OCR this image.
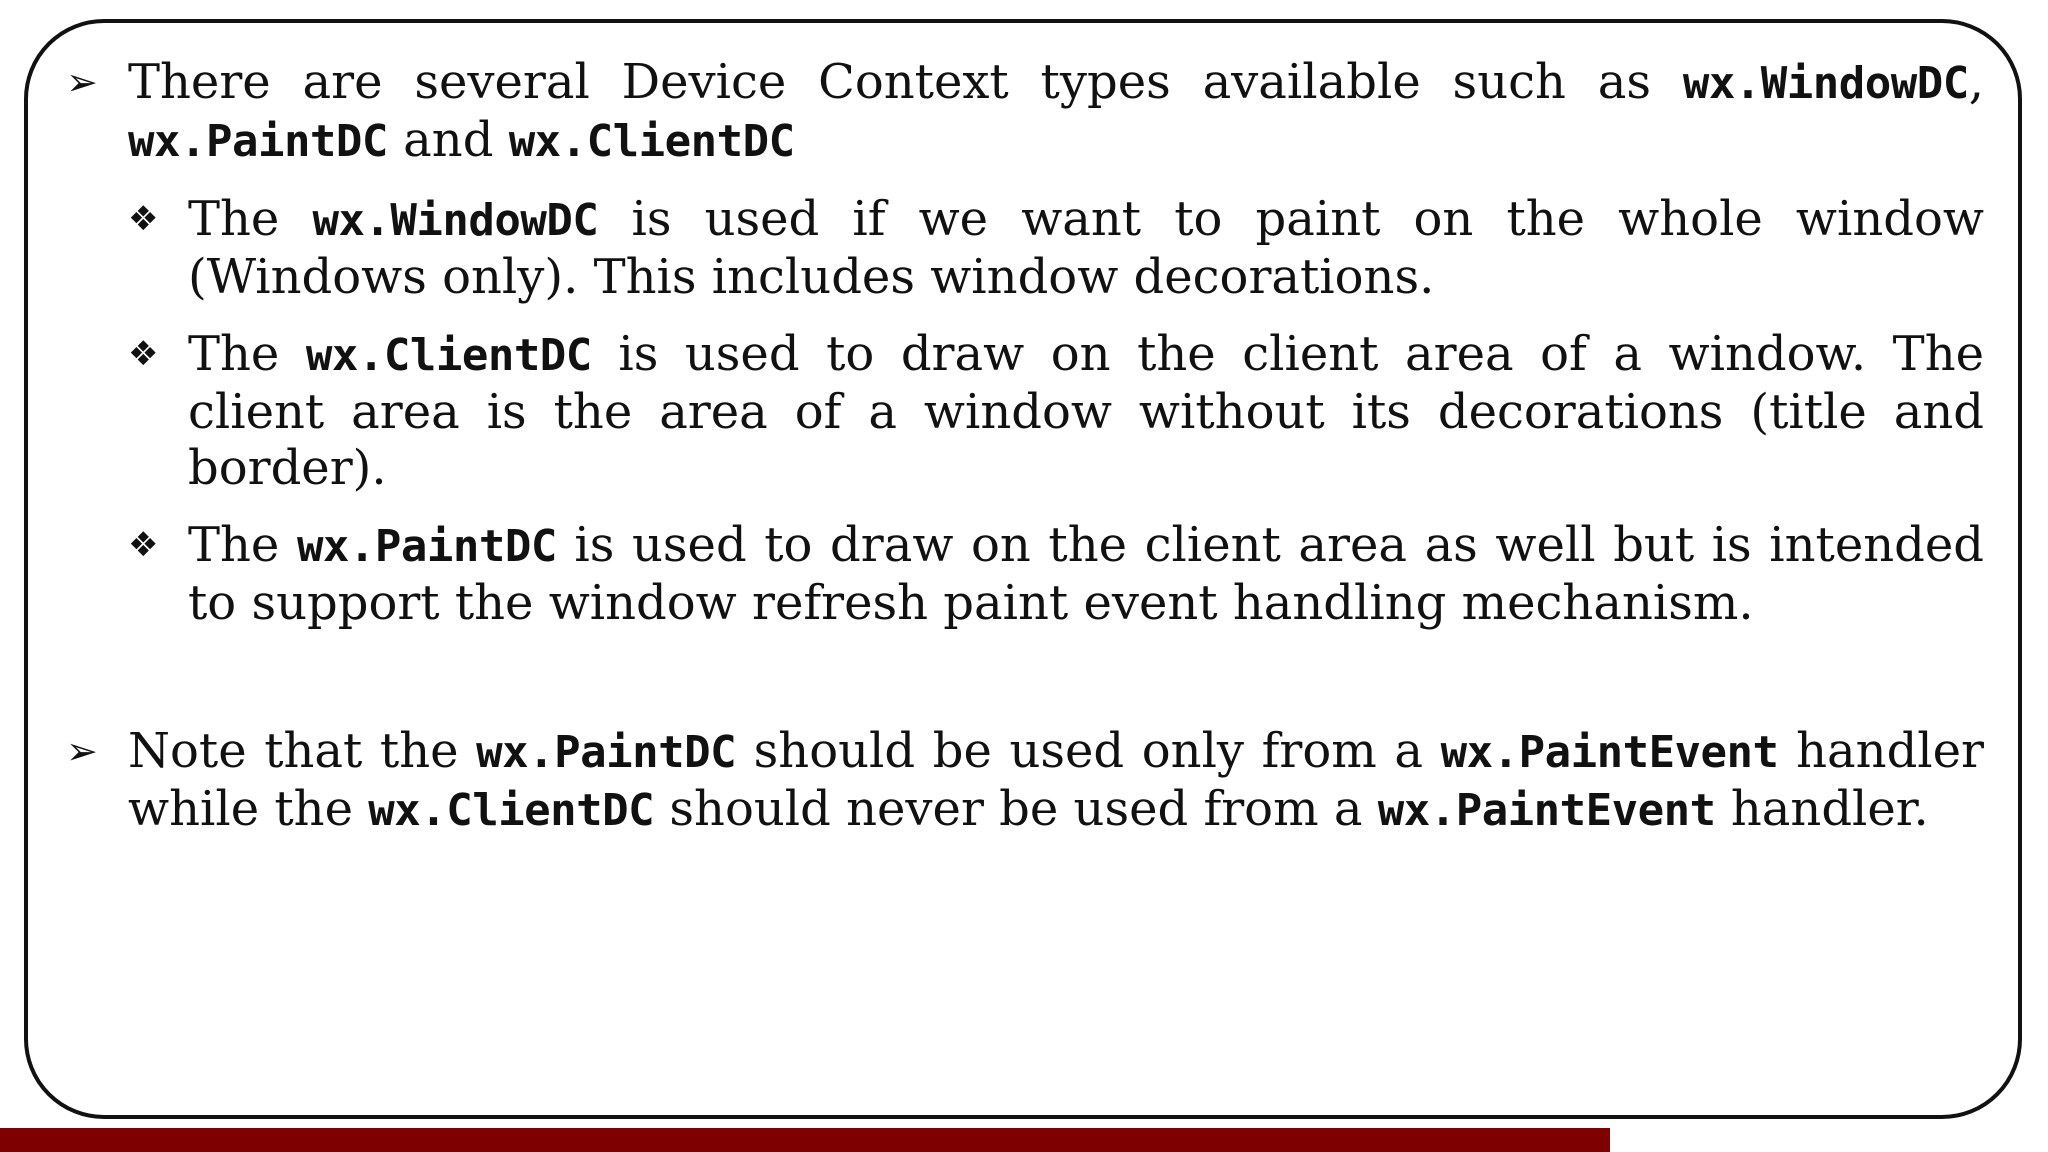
➢ There are several Device Context types available such as wx.WindowDC, wx.PaintDC and wx.ClientDC

❖ The wx.WindowDC is used if we want to paint on the whole window (Windows only). This includes window decorations.

❖ The wx.ClientDC is used to draw on the client area of a window. The client area is the area of a window without its decorations (title and border).

❖ The wx.PaintDC is used to draw on the client area as well but is intended to support the window refresh paint event handling mechanism.

➢ Note that the wx.PaintDC should be used only from a wx.PaintEvent handler while the wx.ClientDC should never be used from a wx.PaintEvent handler.
